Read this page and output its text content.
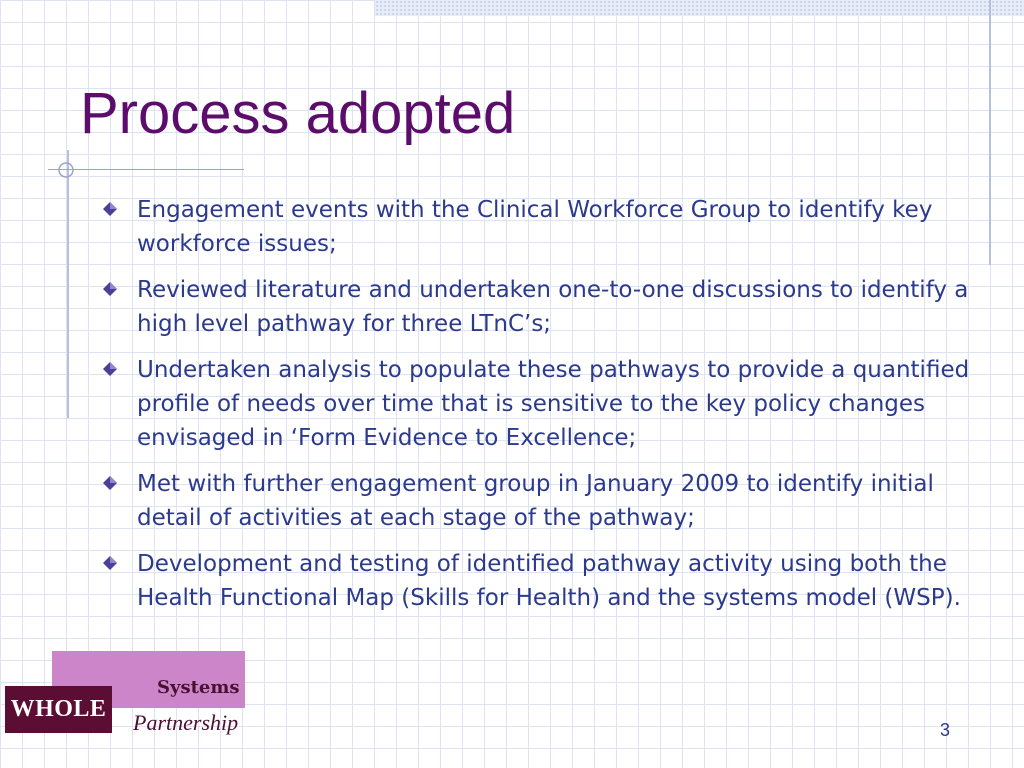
Process adopted
Engagement events with the Clinical Workforce Group to identify key workforce issues;
Reviewed literature and undertaken one-to-one discussions to identify a high level pathway for three LTnC’s;
Undertaken analysis to populate these pathways to provide a quantified profile of needs over time that is sensitive to the key policy changes envisaged in ‘Form Evidence to Excellence;
Met with further engagement group in January 2009 to identify initial detail of activities at each stage of the pathway;
Development and testing of identified pathway activity using both the Health Functional Map (Skills for Health) and the systems model (WSP).
Systems
WHOLE
Partnership	3
